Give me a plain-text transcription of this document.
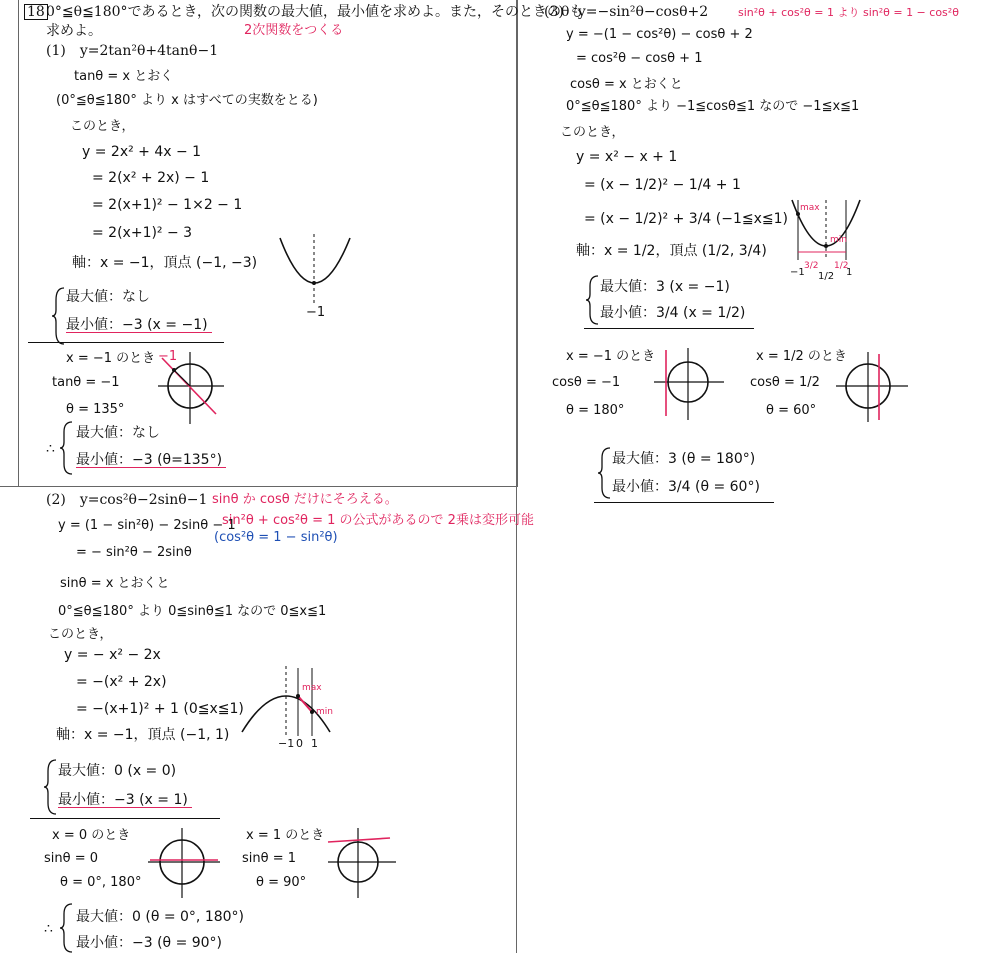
18 0°≦θ≦180°であるとき，次の関数の最大値，最小値を求めよ。また，そのときのθも
求めよ。	2次関数をつくる
(1)　y=2tan²θ+4tanθ−1
tanθ = x とおく
(0°≦θ≦180° より x はすべての実数をとる)
このとき，
y = 2x² + 4x − 1
= 2(x² + 2x) − 1
= 2(x+1)² − 1×2 − 1
= 2(x+1)² − 3
軸：x = −1，頂点 (−1, −3)
最大値：なし
最小値：−3 (x = −1)
−1
x = −1 のとき
tanθ = −1
θ = 135°
−1
∴
最大値：なし
最小値：−3 (θ=135°)
(2)　y=cos²θ−2sinθ−1 sinθ か cosθ だけにそろえる。
sin²θ + cos²θ = 1 の公式があるので 2乗は変形可能
(cos²θ = 1 − sin²θ)
y = (1 − sin²θ) − 2sinθ − 1
= − sin²θ − 2sinθ
sinθ = x とおくと
0°≦θ≦180° より 0≦sinθ≦1 なので 0≦x≦1
このとき，
y = − x² − 2x
= −(x² + 2x)
= −(x+1)² + 1 (0≦x≦1)
軸：x = −1，頂点 (−1, 1)
最大値：0 (x = 0)
最小値：−3 (x = 1)
max
min
−1 0 1
x = 0 のとき
sinθ = 0
θ = 0°, 180°
x = 1 のとき
sinθ = 1
θ = 90°
∴
最大値：0 (θ = 0°, 180°)
最小値：−3 (θ = 90°)
(3)　y=−sin²θ−cosθ+2	sin²θ + cos²θ = 1 より sin²θ = 1 − cos²θ
y = −(1 − cos²θ) − cosθ + 2
= cos²θ − cosθ + 1
cosθ = x とおくと
0°≦θ≦180° より −1≦cosθ≦1 なので −1≦x≦1
このとき，
y = x² − x + 1
= (x − 1/2)² − 1/4 + 1
= (x − 1/2)² + 3/4 (−1≦x≦1)
軸：x = 1/2，頂点 (1/2, 3/4)
最大値：3 (x = −1)
最小値：3/4 (x = 1/2)
max
min
3/2 1/2
−1 1/2 1
x = −1 のとき
cosθ = −1
θ = 180°
x = 1/2 のとき
cosθ = 1/2
θ = 60°
最大値：3 (θ = 180°)
最小値：3/4 (θ = 60°)
